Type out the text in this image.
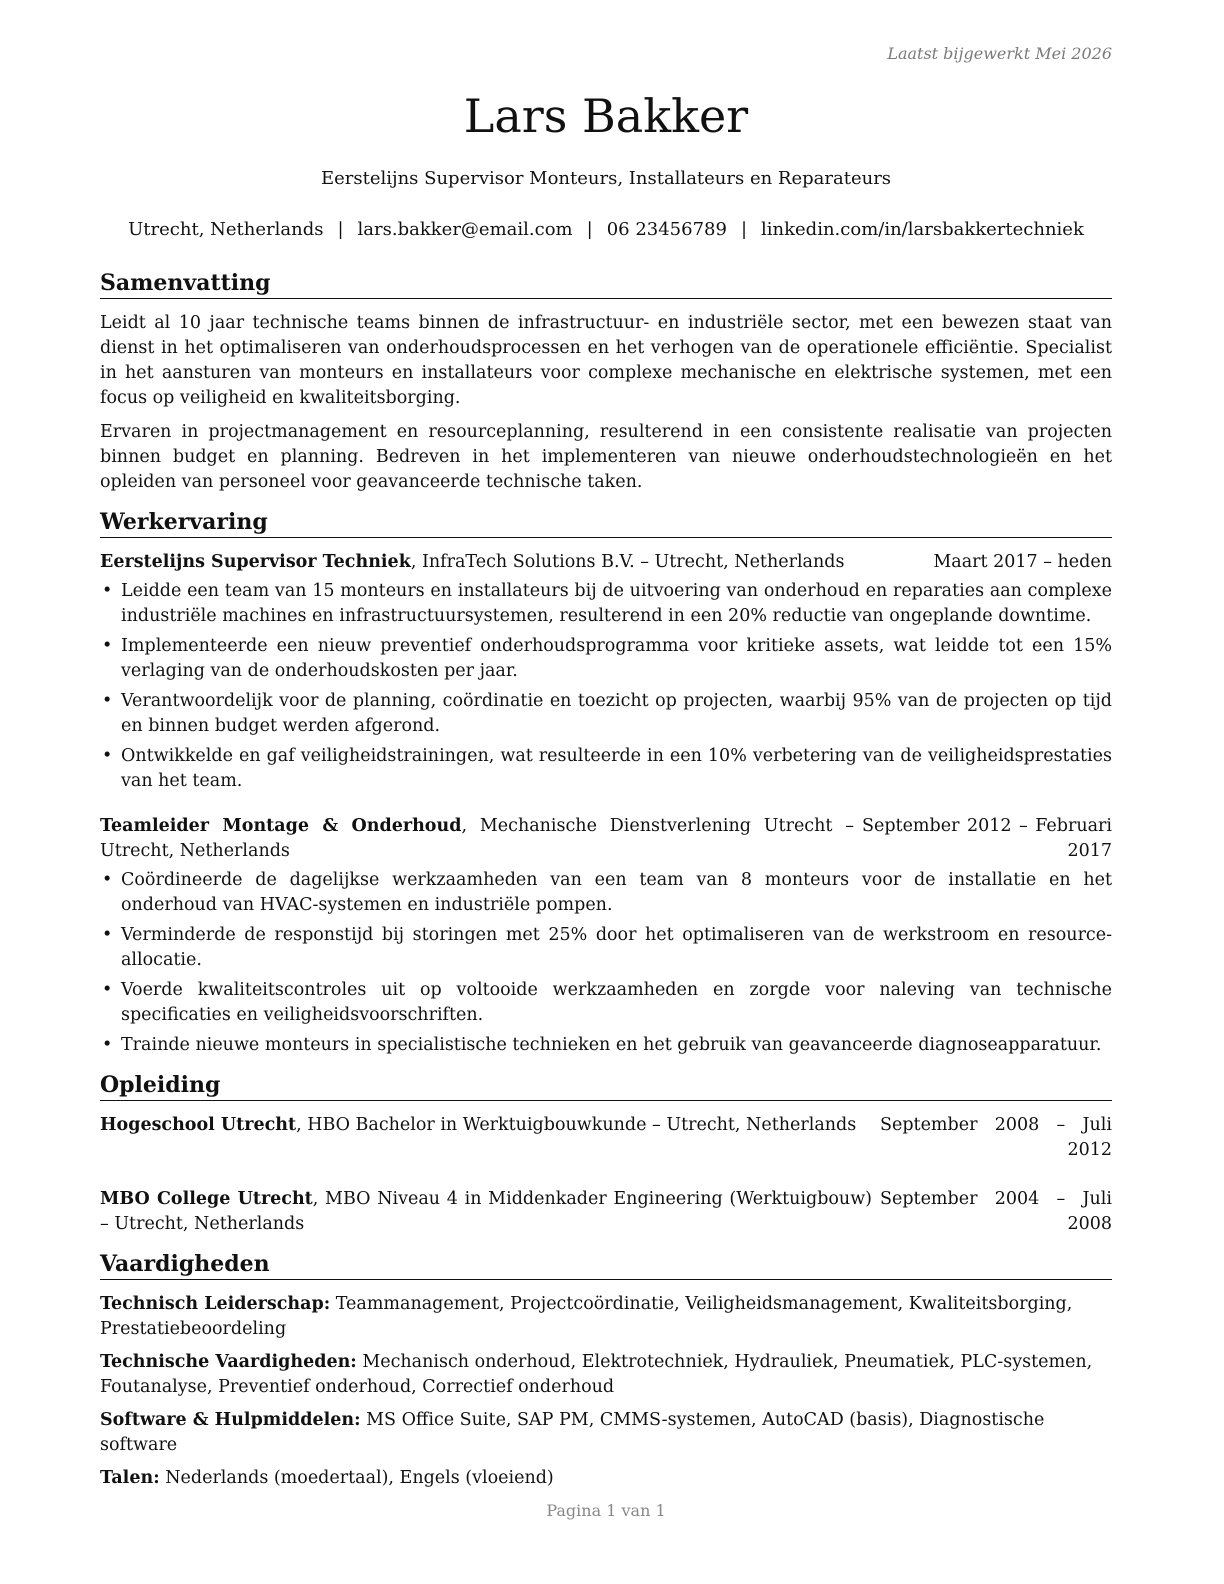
Laatst bijgewerkt Mei 2026
Lars Bakker
Eerstelijns Supervisor Monteurs, Installateurs en Reparateurs
Utrecht, Netherlands | lars.bakker@email.com | 06 23456789 | linkedin.com/in/larsbakkertechniek
Samenvatting

Leidt al 10 jaar technische teams binnen de infrastructuur- en industriële sector, met een bewezen staat van dienst in het optimaliseren van onderhoudsprocessen en het verhogen van de operationele efficiëntie. Specialist in het aansturen van monteurs en installateurs voor complexe mechanische en elektrische systemen, met een focus op veiligheid en kwaliteitsborging.

Ervaren in projectmanagement en resourceplanning, resulterend in een consistente realisatie van projecten binnen budget en planning. Bedreven in het implementeren van nieuwe onderhoudstechnologieën en het opleiden van personeel voor geavanceerde technische taken.

Werkervaring
Eerstelijns Supervisor Techniek, InfraTech Solutions B.V. – Utrecht, Netherlands	Maart 2017 – heden
• Leidde een team van 15 monteurs en installateurs bij de uitvoering van onderhoud en reparaties aan complexe industriële machines en infrastructuursystemen, resulterend in een 20% reductie van ongeplande downtime.
• Implementeerde een nieuw preventief onderhoudsprogramma voor kritieke assets, wat leidde tot een 15% verlaging van de onderhoudskosten per jaar.
• Verantwoordelijk voor de planning, coördinatie en toezicht op projecten, waarbij 95% van de projecten op tijd en binnen budget werden afgerond.
• Ontwikkelde en gaf veiligheidstrainingen, wat resulteerde in een 10% verbetering van de veiligheidsprestaties van het team.
Teamleider Montage & Onderhoud, Mechanische Dienstverlening Utrecht – Utrecht, Netherlands
September 2012 – Februari 2017
• Coördineerde de dagelijkse werkzaamheden van een team van 8 monteurs voor de installatie en het onderhoud van HVAC-systemen en industriële pompen.
• Verminderde de responstijd bij storingen met 25% door het optimaliseren van de werkstroom en resource-allocatie.
• Voerde kwaliteitscontroles uit op voltooide werkzaamheden en zorgde voor naleving van technische specificaties en veiligheidsvoorschriften.
• Trainde nieuwe monteurs in specialistische technieken en het gebruik van geavanceerde diagnoseapparatuur.
Opleiding
Hogeschool Utrecht, HBO Bachelor in Werktuigbouwkunde – Utrecht, Netherlands	September 2008 – Juli 2012
MBO College Utrecht, MBO Niveau 4 in Middenkader Engineering (Werktuigbouw) – Utrecht, Netherlands
September 2004 – Juli 2008
Vaardigheden
Technisch Leiderschap: Teammanagement, Projectcoördinatie, Veiligheidsmanagement, Kwaliteitsborging, Prestatiebeoordeling
Technische Vaardigheden: Mechanisch onderhoud, Elektrotechniek, Hydrauliek, Pneumatiek, PLC-systemen, Foutanalyse, Preventief onderhoud, Correctief onderhoud
Software & Hulpmiddelen: MS Office Suite, SAP PM, CMMS-systemen, AutoCAD (basis), Diagnostische software
Talen: Nederlands (moedertaal), Engels (vloeiend)
Pagina 1 van 1
